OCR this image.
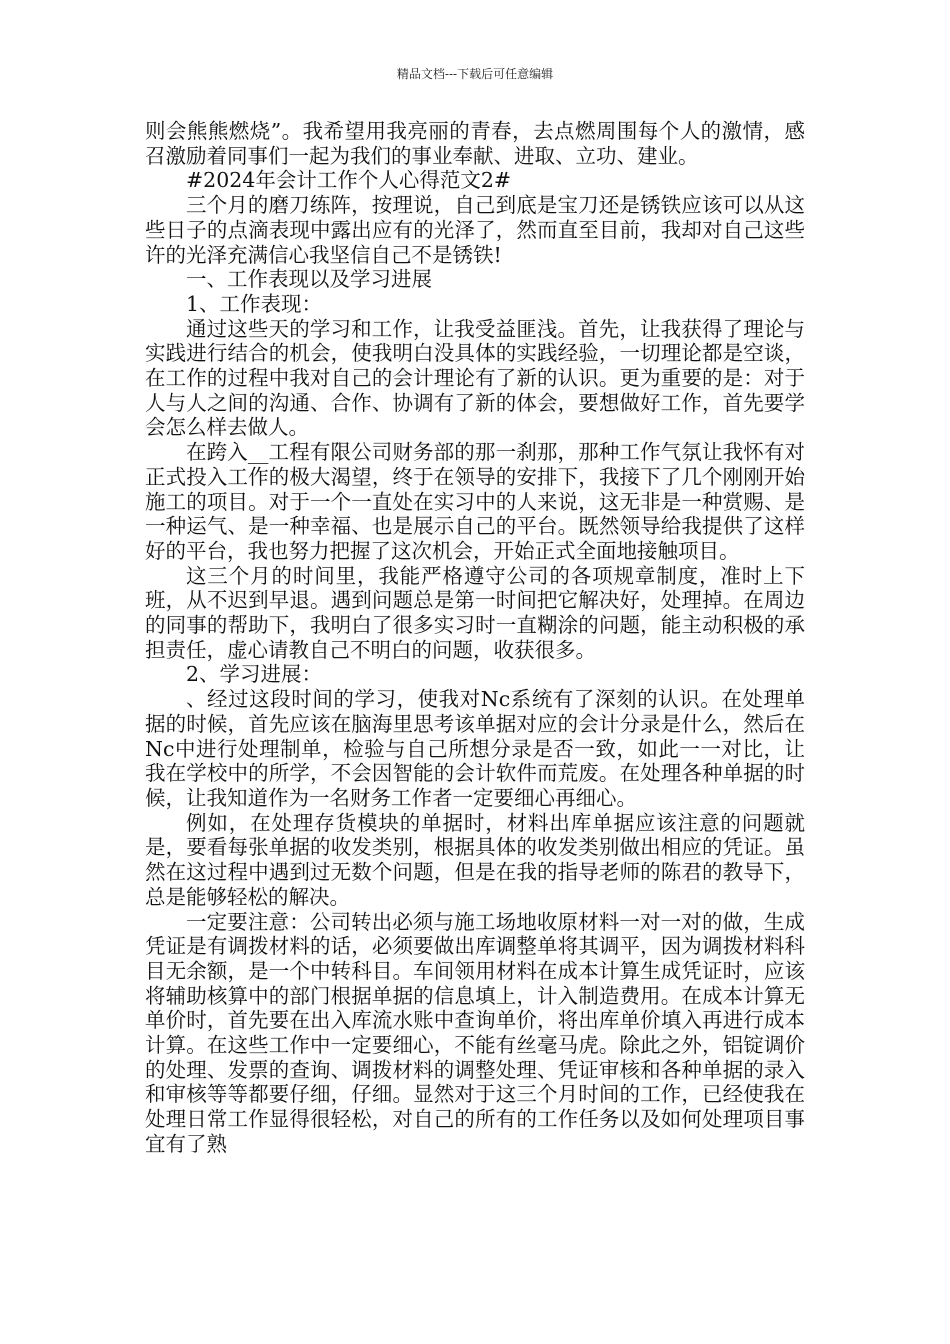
精品文档---下载后可任意编辑

则会熊熊燃烧”。我希望用我亮丽的青春，去点燃周围每个人的激情，感召激励着同事们一起为我们的事业奉献、进取、立功、建业。

#2024年会计工作个人心得范文2#

三个月的磨刀练阵，按理说，自己到底是宝刀还是锈铁应该可以从这些日子的点滴表现中露出应有的光泽了，然而直至目前，我却对自己这些许的光泽充满信心我坚信自己不是锈铁!

一、工作表现以及学习进展

1、工作表现：

通过这些天的学习和工作，让我受益匪浅。首先，让我获得了理论与实践进行结合的机会，使我明白没具体的实践经验，一切理论都是空谈，在工作的过程中我对自己的会计理论有了新的认识。更为重要的是：对于人与人之间的沟通、合作、协调有了新的体会，要想做好工作，首先要学会怎么样去做人。

在跨入__工程有限公司财务部的那一刹那，那种工作气氛让我怀有对正式投入工作的极大渴望，终于在领导的安排下，我接下了几个刚刚开始施工的项目。对于一个一直处在实习中的人来说，这无非是一种赏赐、是一种运气、是一种幸福、也是展示自己的平台。既然领导给我提供了这样好的平台，我也努力把握了这次机会，开始正式全面地接触项目。

这三个月的时间里，我能严格遵守公司的各项规章制度，准时上下班，从不迟到早退。遇到问题总是第一时间把它解决好，处理掉。在周边的同事的帮助下，我明白了很多实习时一直糊涂的问题，能主动积极的承担责任，虚心请教自己不明白的问题，收获很多。

2、学习进展：

、经过这段时间的学习，使我对Nc系统有了深刻的认识。在处理单据的时候，首先应该在脑海里思考该单据对应的会计分录是什么，然后在Nc中进行处理制单，检验与自己所想分录是否一致，如此一一对比，让我在学校中的所学，不会因智能的会计软件而荒废。在处理各种单据的时候，让我知道作为一名财务工作者一定要细心再细心。

例如，在处理存货模块的单据时，材料出库单据应该注意的问题就是，要看每张单据的收发类别，根据具体的收发类别做出相应的凭证。虽然在这过程中遇到过无数个问题，但是在我的指导老师的陈君的教导下，总是能够轻松的解决。

一定要注意：公司转出必须与施工场地收原材料一对一对的做，生成凭证是有调拨材料的话，必须要做出库调整单将其调平，因为调拨材料科目无余额，是一个中转科目。车间领用材料在成本计算生成凭证时，应该将辅助核算中的部门根据单据的信息填上，计入制造费用。在成本计算无单价时，首先要在出入库流水账中查询单价，将出库单价填入再进行成本计算。在这些工作中一定要细心，不能有丝毫马虎。除此之外，铝锭调价的处理、发票的查询、调拨材料的调整处理、凭证审核和各种单据的录入和审核等等都要仔细，仔细。显然对于这三个月时间的工作，已经使我在处理日常工作显得很轻松，对自己的所有的工作任务以及如何处理项目事宜有了熟
